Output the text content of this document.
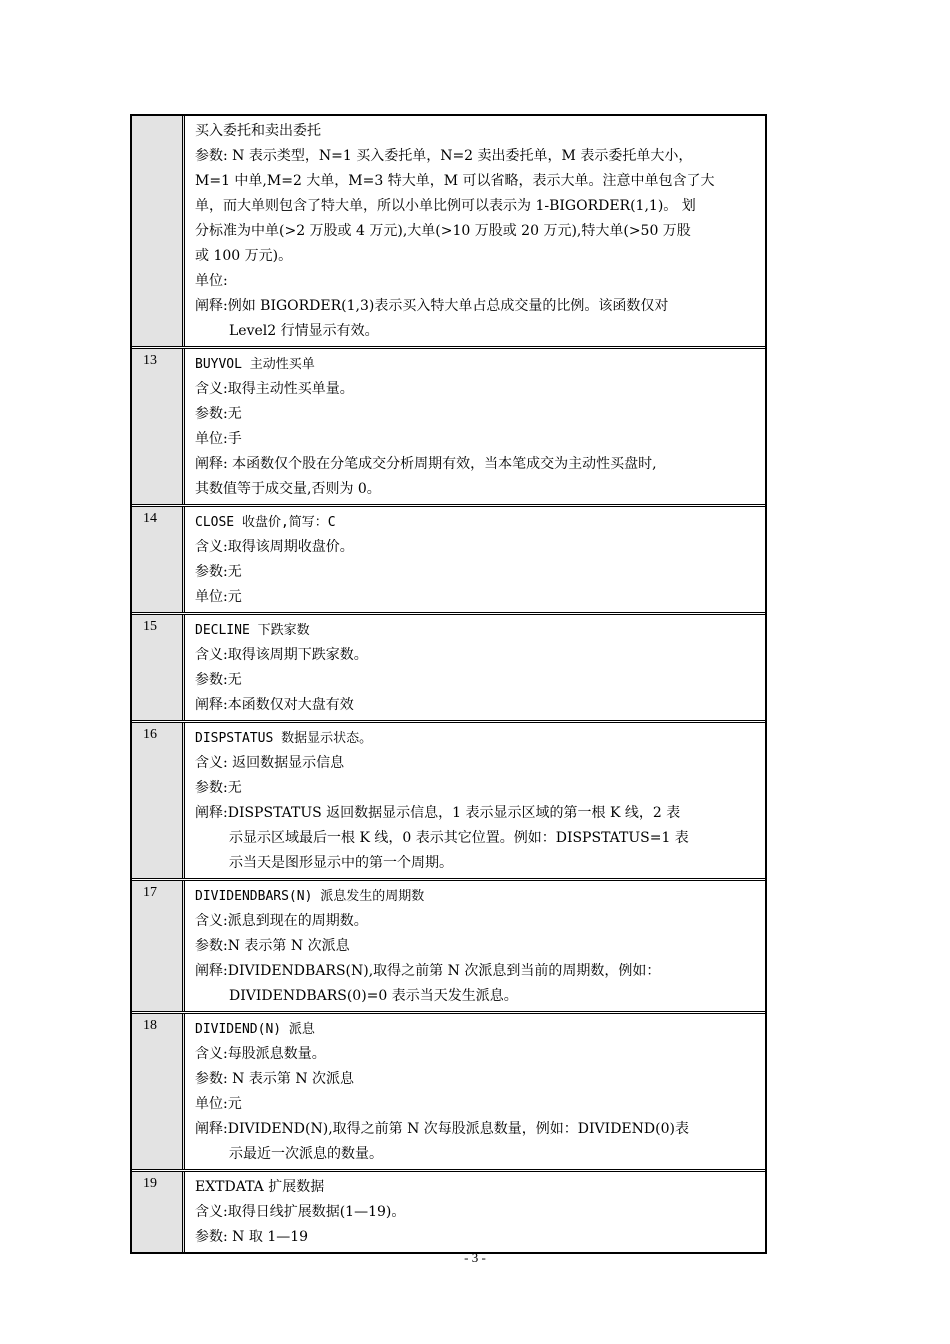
买入委托和卖出委托
参数: N 表示类型，N=1 买入委托单，N=2 卖出委托单，M 表示委托单大小，
M=1 中单,M=2 大单，M=3 特大单，M 可以省略，表示大单。注意中单包含了大
单，而大单则包含了特大单，所以小单比例可以表示为 1-BIGORDER(1,1)。 划
分标准为中单(>2 万股或 4 万元),大单(>10 万股或 20 万元),特大单(>50 万股
或 100 万元)。
单位:
阐释:例如 BIGORDER(1,3)表示买入特大单占总成交量的比例。该函数仅对
Level2 行情显示有效。
13	BUYVOL 主动性买单
含义:取得主动性买单量。
参数:无
单位:手
阐释: 本函数仅个股在分笔成交分析周期有效，当本笔成交为主动性买盘时,
其数值等于成交量,否则为 0。
14	CLOSE 收盘价,简写：C
含义:取得该周期收盘价。
参数:无
单位:元
15	DECLINE 下跌家数
含义:取得该周期下跌家数。
参数:无
阐释:本函数仅对大盘有效
16	DISPSTATUS 数据显示状态。
含义: 返回数据显示信息
参数:无
阐释:DISPSTATUS 返回数据显示信息，1 表示显示区域的第一根 K 线，2 表
示显示区域最后一根 K 线，0 表示其它位置。例如：DISPSTATUS=1 表
示当天是图形显示中的第一个周期。
17	DIVIDENDBARS(N) 派息发生的周期数
含义:派息到现在的周期数。
参数:N 表示第 N 次派息
阐释:DIVIDENDBARS(N),取得之前第 N 次派息到当前的周期数，例如：
DIVIDENDBARS(0)=0 表示当天发生派息。
18	DIVIDEND(N) 派息
含义:每股派息数量。
参数: N 表示第 N 次派息
单位:元
阐释:DIVIDEND(N),取得之前第 N 次每股派息数量，例如：DIVIDEND(0)表
示最近一次派息的数量。
19	EXTDATA 扩展数据
含义:取得日线扩展数据(1—19)。
参数: N 取 1—19
- 3 -
